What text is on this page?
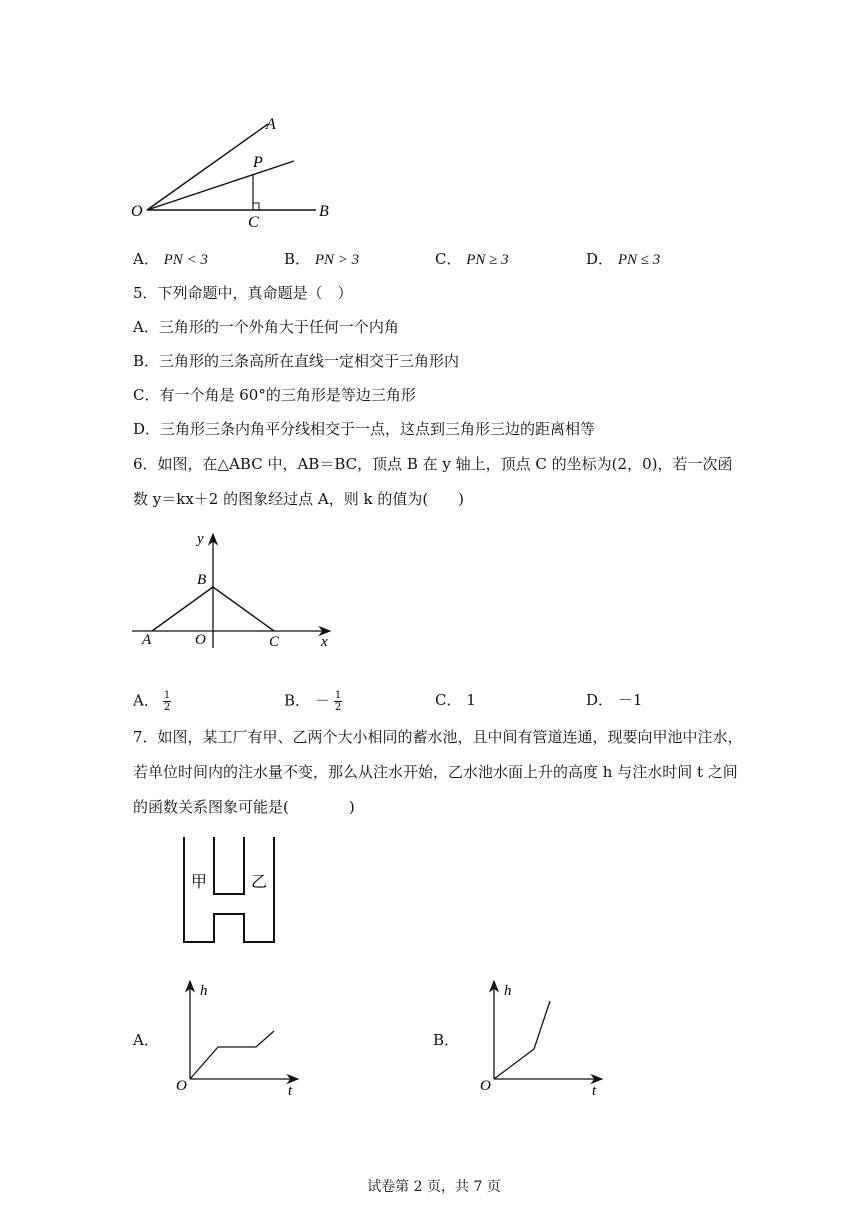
A
P
O
C
B
A． PN < 3	B． PN > 3	C． PN ≥ 3	D． PN ≤ 3
5．下列命题中，真命题是（　）
A．三角形的一个外角大于任何一个内角
B．三角形的三条高所在直线一定相交于三角形内
C．有一个角是 60°的三角形是等边三角形
D．三角形三条内角平分线相交于一点，这点到三角形三边的距离相等
6．如图，在△ABC 中，AB＝BC，顶点 B 在 y 轴上，顶点 C 的坐标为(2，0)，若一次函
数 y＝kx＋2 的图象经过点 A，则 k 的值为(　　)
y
B
A	O	C	x
A． $\frac{1}{2}$	B． － $\frac{1}{2}$	C． 1	D． －1
7．如图，某工厂有甲、乙两个大小相同的蓄水池，且中间有管道连通，现要向甲池中注水，
若单位时间内的注水量不变，那么从注水开始，乙水池水面上升的高度 h 与注水时间 t 之间
的函数关系图象可能是(　　　　)
甲	乙
A．
h
O	t
B．
h
O	t
试卷第 2 页，共 7 页
